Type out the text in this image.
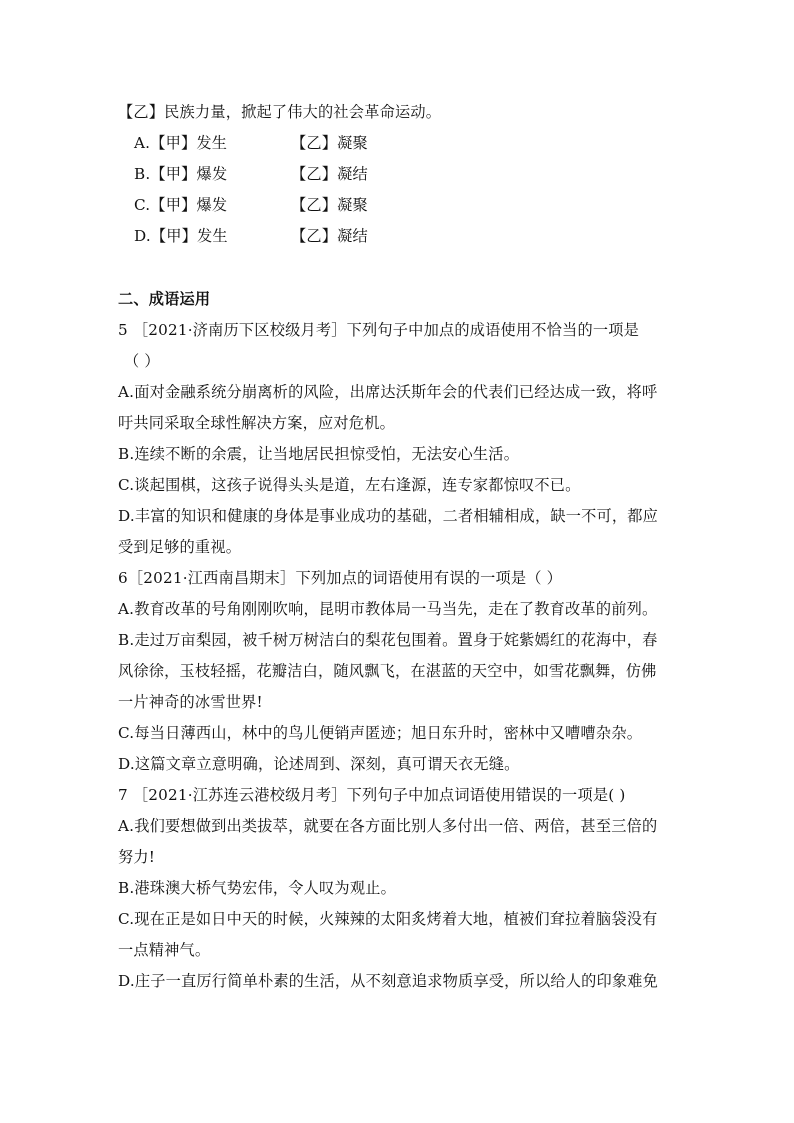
【乙】民族力量，掀起了伟大的社会革命运动。
A.【甲】发生	【乙】凝聚
B.【甲】爆发	【乙】凝结
C.【甲】爆发	【乙】凝聚
D.【甲】发生	【乙】凝结
二、成语运用
5 ［2021·济南历下区校级月考］下列句子中加点的成语使用不恰当的一项是
（ ）
A.面对金融系统分崩离析的风险，出席达沃斯年会的代表们已经达成一致，将呼
吁共同采取全球性解决方案，应对危机。
B.连续不断的余震，让当地居民担惊受怕，无法安心生活。
C.谈起围棋，这孩子说得头头是道，左右逢源，连专家都惊叹不已。
D.丰富的知识和健康的身体是事业成功的基础，二者相辅相成，缺一不可，都应
受到足够的重视。
6［2021·江西南昌期末］下列加点的词语使用有误的一项是（ ）
A.教育改革的号角刚刚吹响，昆明市教体局一马当先，走在了教育改革的前列。
B.走过万亩梨园，被千树万树洁白的梨花包围着。置身于姹紫嫣红的花海中，春
风徐徐，玉枝轻摇，花瓣洁白，随风飘飞，在湛蓝的天空中，如雪花飘舞，仿佛
一片神奇的冰雪世界!
C.每当日薄西山，林中的鸟儿便销声匿迹；旭日东升时，密林中又嘈嘈杂杂。
D.这篇文章立意明确，论述周到、深刻，真可谓天衣无缝。
7 ［2021·江苏连云港校级月考］下列句子中加点词语使用错误的一项是( )
A.我们要想做到出类拔萃，就要在各方面比别人多付出一倍、两倍，甚至三倍的
努力!
B.港珠澳大桥气势宏伟，令人叹为观止。
C.现在正是如日中天的时候，火辣辣的太阳炙烤着大地，植被们耷拉着脑袋没有
一点精神气。
D.庄子一直厉行简单朴素的生活，从不刻意追求物质享受，所以给人的印象难免
